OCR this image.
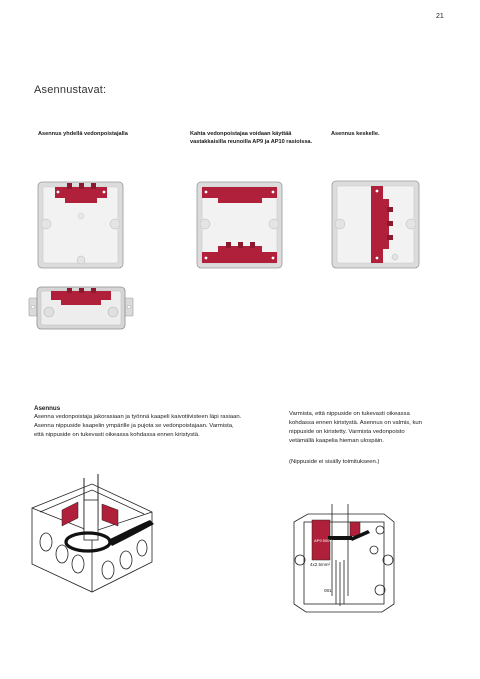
21
Asennustavat:
Asennus yhdellä vedonpoistajalla	Kahta vedonpoistajaa voidaan käyttää vastakkaisilla reunoilla AP9 ja AP10 rasioissa.
Asennus keskelle.
Asennus
Asenna vedonpoistaja jakorasiaan ja työnnä kaapeli kaivotiivisteen läpi rasiaan. Asenna nippuside kaapelin ympärille ja pujota se vedonpoistajaan. Varmista, että nippuside on tukevasti oikeassa kohdassa ennen kiristystä.
Varmista, että nippuside on tukevasti oikeassa kohdassa ennen kiristystä. Asennus on valmis, kun nippuside on kiristetty. Varmista vedonpoisto vetämällä kaapelia hieman ulospäin.
(Nippuside ei sisälly toimitukseen.)
AP9 500V
4x2.5mm²
081
